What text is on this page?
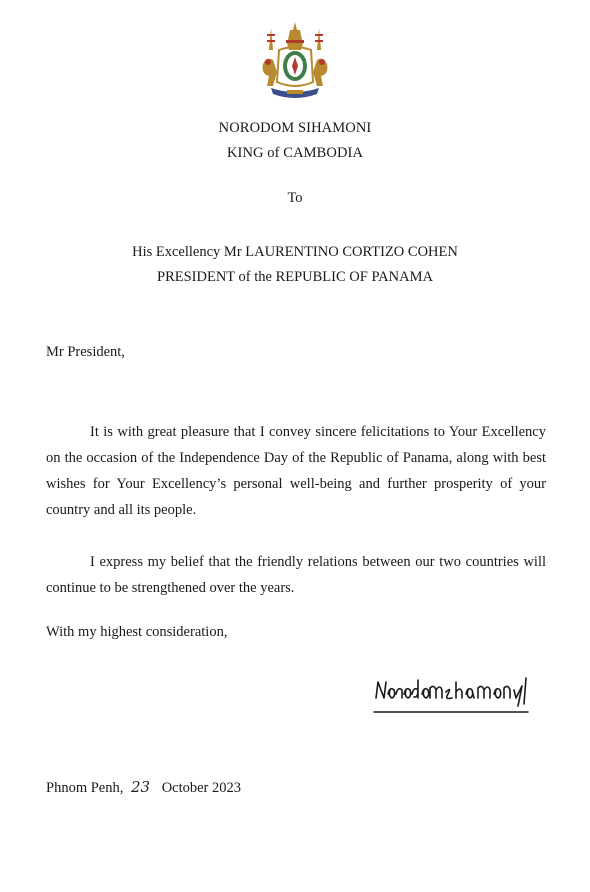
NORODOM SIHAMONI
KING of CAMBODIA
To
His Excellency Mr LAURENTINO CORTIZO COHEN
PRESIDENT of the REPUBLIC OF PANAMA
Mr President,

It is with great pleasure that I convey sincere felicitations to Your Excellency on the occasion of the Independence Day of the Republic of Panama, along with best wishes for Your Excellency’s personal well-being and further prosperity of your country and all its people.

I express my belief that the friendly relations between our two countries will continue to be strengthened over the years.

With my highest consideration,
Phnom Penh, 23 October 2023
